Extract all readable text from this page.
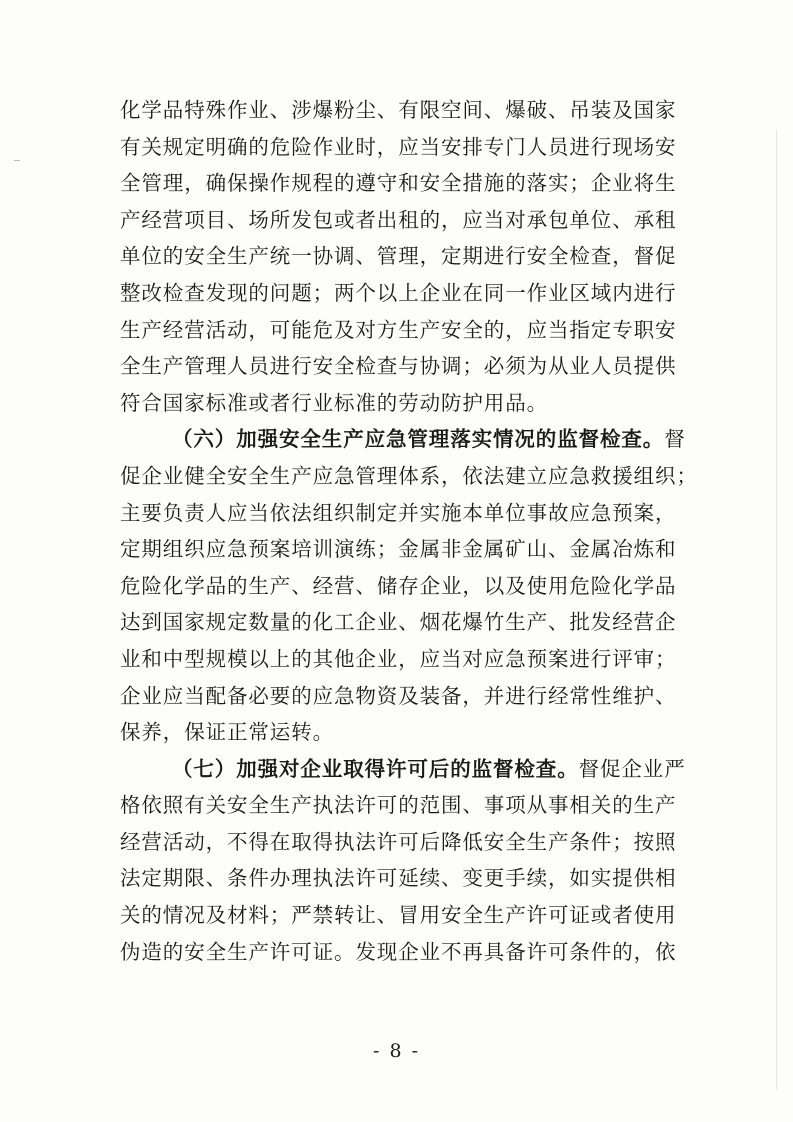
化学品特殊作业、涉爆粉尘、有限空间、爆破、吊装及国家
有关规定明确的危险作业时，应当安排专门人员进行现场安
全管理，确保操作规程的遵守和安全措施的落实；企业将生
产经营项目、场所发包或者出租的，应当对承包单位、承租
单位的安全生产统一协调、管理，定期进行安全检查，督促
整改检查发现的问题；两个以上企业在同一作业区域内进行
生产经营活动，可能危及对方生产安全的，应当指定专职安
全生产管理人员进行安全检查与协调；必须为从业人员提供
符合国家标准或者行业标准的劳动防护用品。
（六）加强安全生产应急管理落实情况的监督检查。督
促企业健全安全生产应急管理体系，依法建立应急救援组织；
主要负责人应当依法组织制定并实施本单位事故应急预案，
定期组织应急预案培训演练；金属非金属矿山、金属冶炼和
危险化学品的生产、经营、储存企业，以及使用危险化学品
达到国家规定数量的化工企业、烟花爆竹生产、批发经营企
业和中型规模以上的其他企业，应当对应急预案进行评审；
企业应当配备必要的应急物资及装备，并进行经常性维护、
保养，保证正常运转。
（七）加强对企业取得许可后的监督检查。督促企业严
格依照有关安全生产执法许可的范围、事项从事相关的生产
经营活动，不得在取得执法许可后降低安全生产条件；按照
法定期限、条件办理执法许可延续、变更手续，如实提供相
关的情况及材料；严禁转让、冒用安全生产许可证或者使用
伪造的安全生产许可证。发现企业不再具备许可条件的，依
- 8 -
